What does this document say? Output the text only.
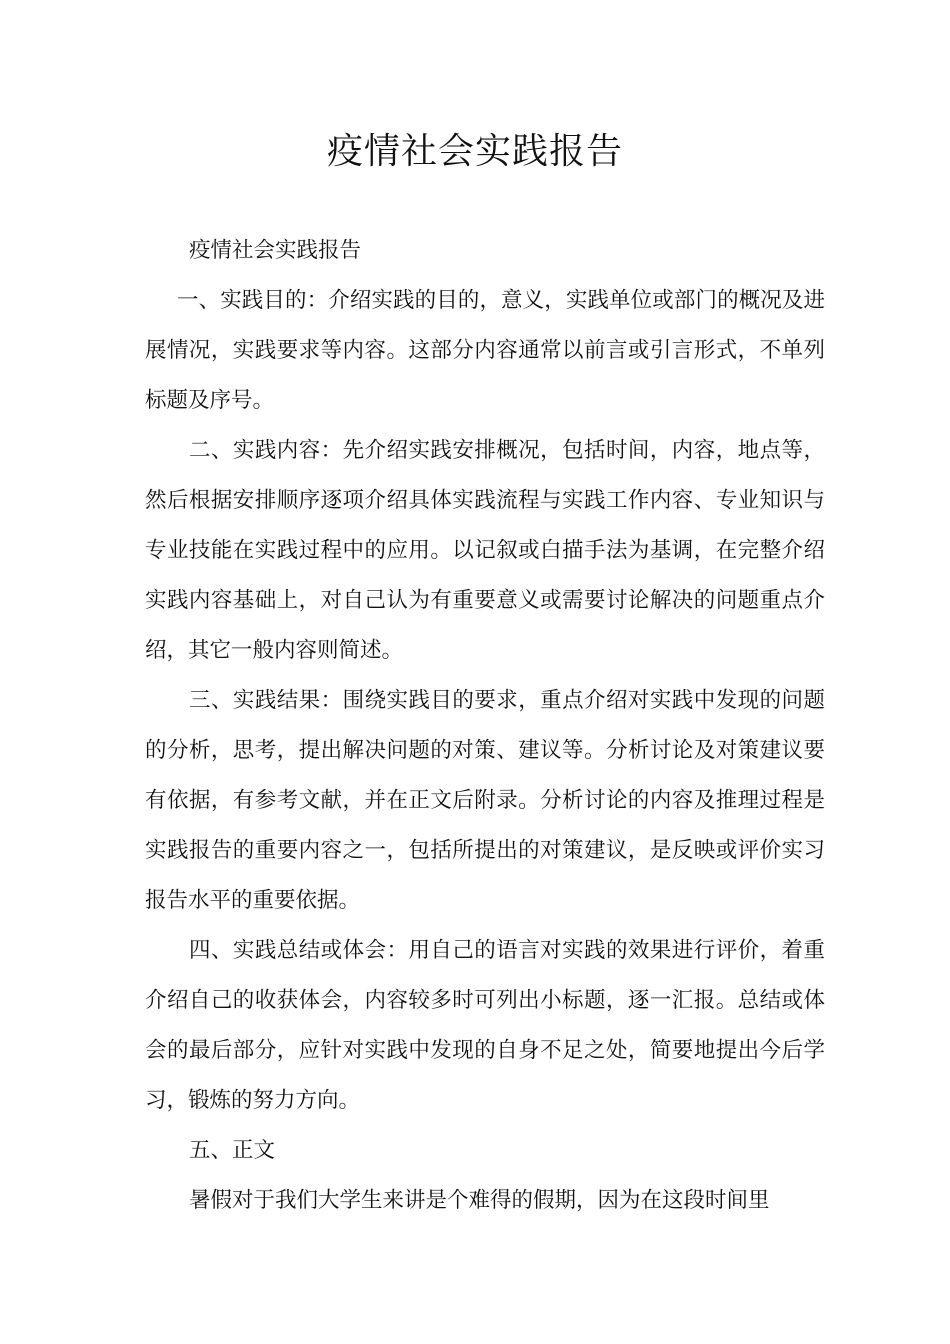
疫情社会实践报告

疫情社会实践报告

一、实践目的：介绍实践的目的，意义，实践单位或部门的概况及进展情况，实践要求等内容。这部分内容通常以前言或引言形式，不单列标题及序号。

二、实践内容：先介绍实践安排概况，包括时间，内容，地点等，然后根据安排顺序逐项介绍具体实践流程与实践工作内容、专业知识与专业技能在实践过程中的应用。以记叙或白描手法为基调，在完整介绍实践内容基础上，对自己认为有重要意义或需要讨论解决的问题重点介绍，其它一般内容则简述。

三、实践结果：围绕实践目的要求，重点介绍对实践中发现的问题的分析，思考，提出解决问题的对策、建议等。分析讨论及对策建议要有依据，有参考文献，并在正文后附录。分析讨论的内容及推理过程是实践报告的重要内容之一，包括所提出的对策建议，是反映或评价实习报告水平的重要依据。

四、实践总结或体会：用自己的语言对实践的效果进行评价，着重介绍自己的收获体会，内容较多时可列出小标题，逐一汇报。总结或体会的最后部分，应针对实践中发现的自身不足之处，简要地提出今后学习，锻炼的努力方向。

五、正文

暑假对于我们大学生来讲是个难得的假期，因为在这段时间里
